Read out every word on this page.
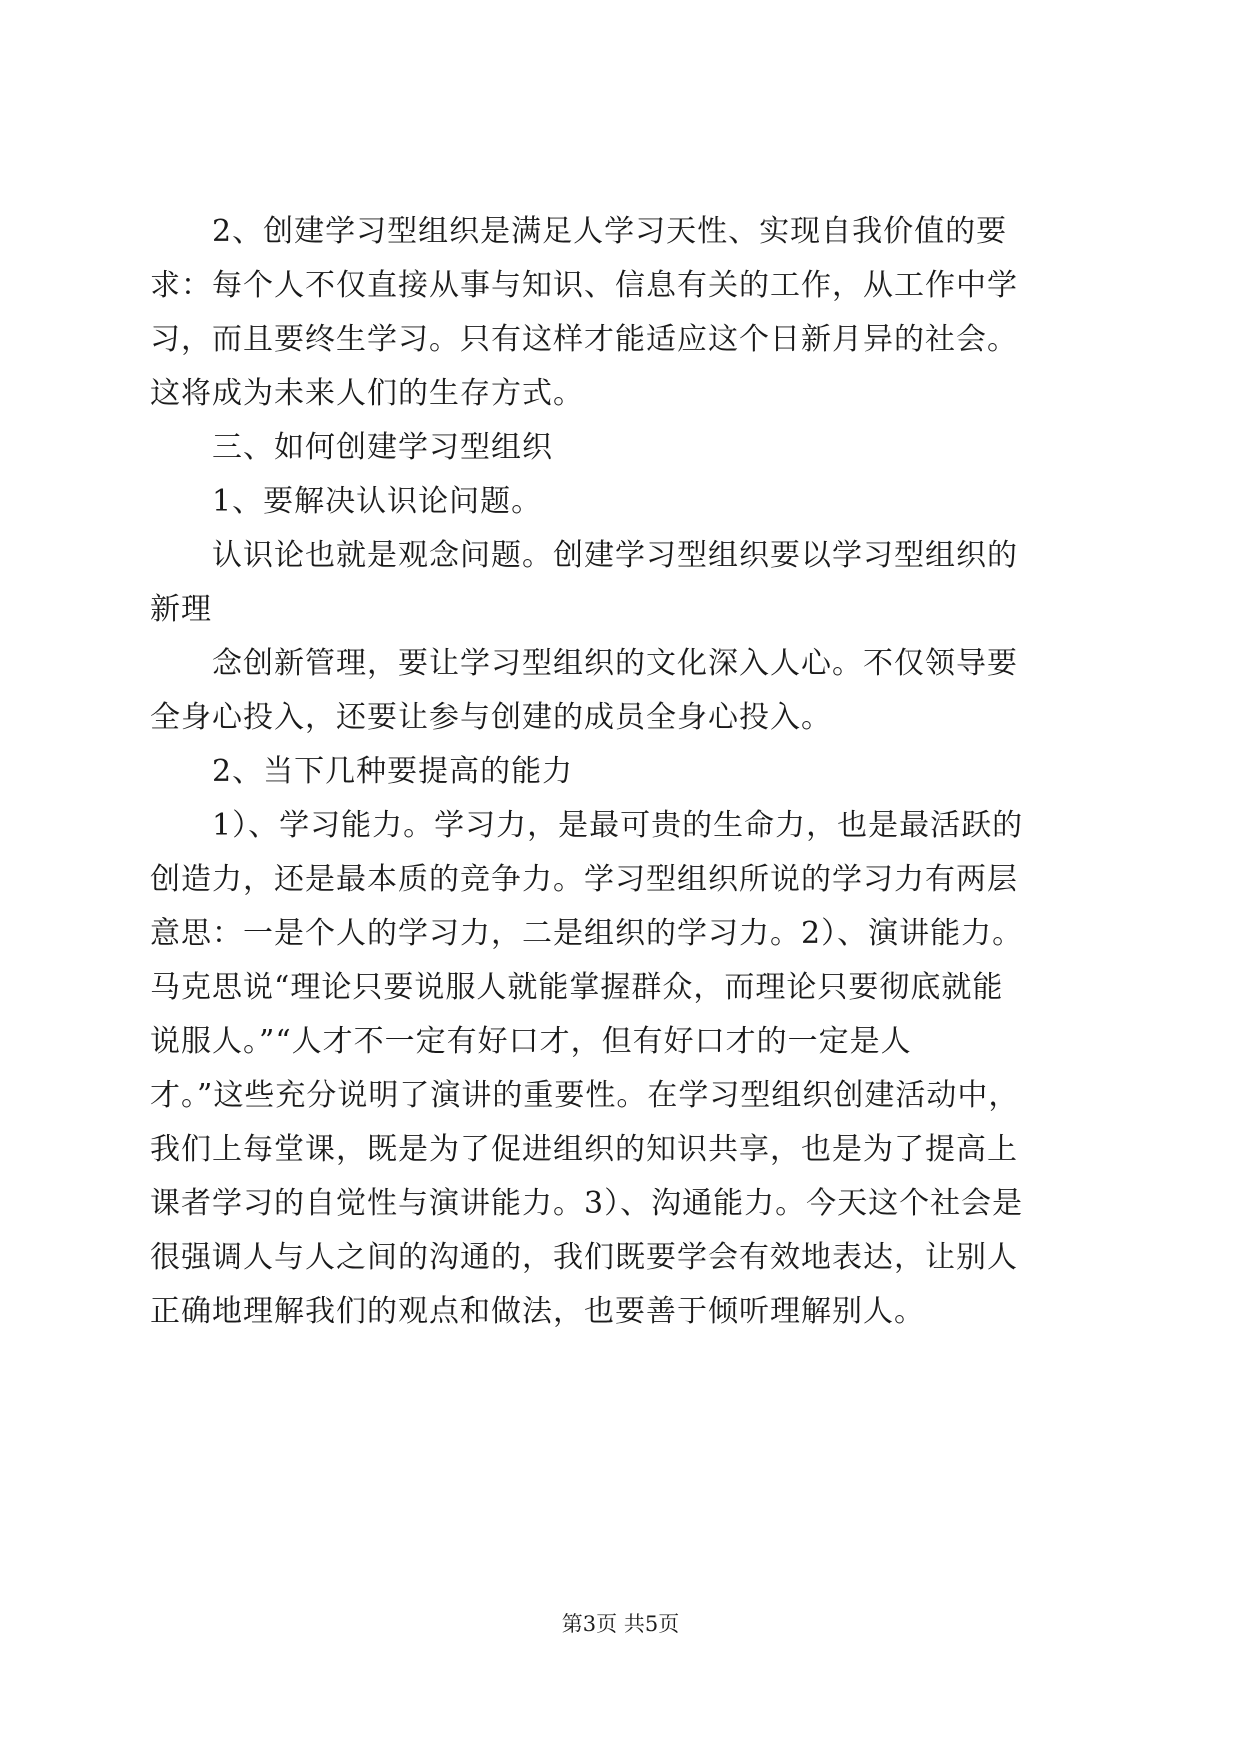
2、创建学习型组织是满足人学习天性、实现自我价值的要
求：每个人不仅直接从事与知识、信息有关的工作，从工作中学
习，而且要终生学习。只有这样才能适应这个日新月异的社会。
这将成为未来人们的生存方式。
三、如何创建学习型组织
1、要解决认识论问题。
认识论也就是观念问题。创建学习型组织要以学习型组织的
新理
念创新管理，要让学习型组织的文化深入人心。不仅领导要
全身心投入，还要让参与创建的成员全身心投入。
2、当下几种要提高的能力
1）、学习能力。学习力，是最可贵的生命力，也是最活跃的
创造力，还是最本质的竞争力。学习型组织所说的学习力有两层
意思：一是个人的学习力，二是组织的学习力。2）、演讲能力。
马克思说“理论只要说服人就能掌握群众，而理论只要彻底就能
说服人。”“人才不一定有好口才，但有好口才的一定是人
才。”这些充分说明了演讲的重要性。在学习型组织创建活动中，
我们上每堂课，既是为了促进组织的知识共享，也是为了提高上
课者学习的自觉性与演讲能力。3）、沟通能力。今天这个社会是
很强调人与人之间的沟通的，我们既要学会有效地表达，让别人
正确地理解我们的观点和做法，也要善于倾听理解别人。
第3页 共5页
